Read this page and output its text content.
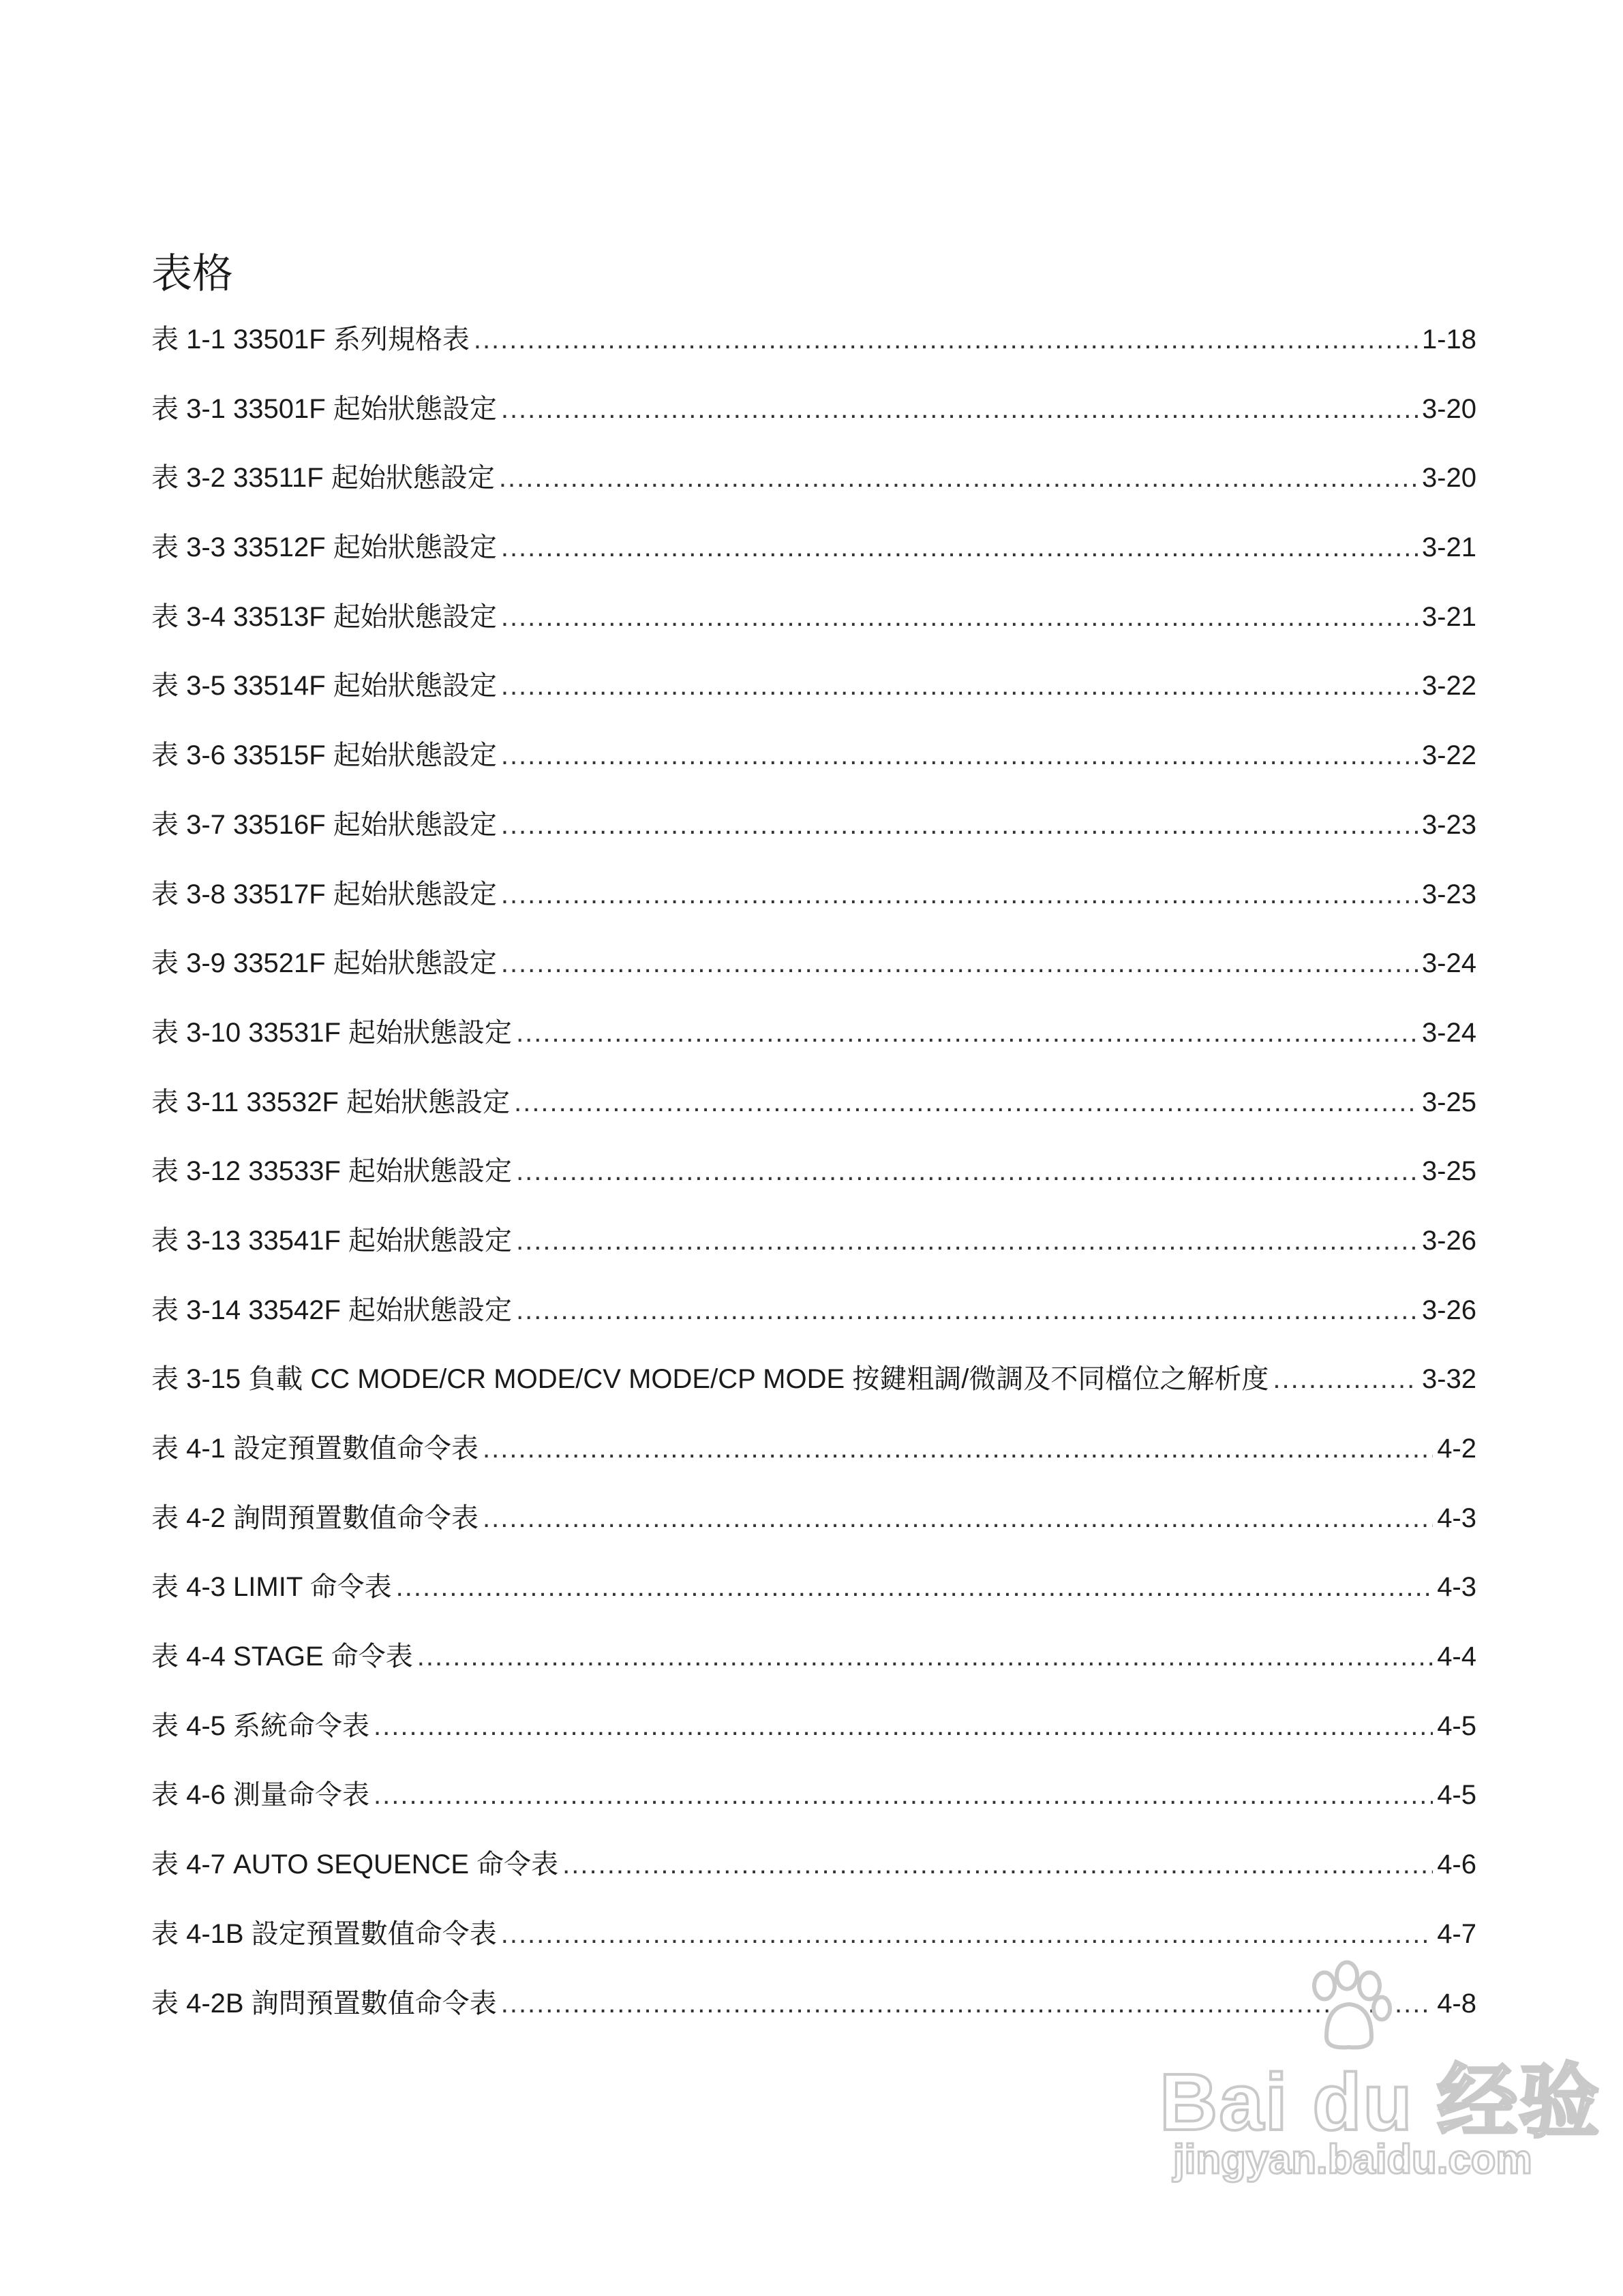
表格
表 1-1 33501F 系列規格表 .....	1-18
表 3-1 33501F 起始狀態設定 .....	3-20
表 3-2 33511F 起始狀態設定 .....	3-20
表 3-3 33512F 起始狀態設定 .....	3-21
表 3-4 33513F 起始狀態設定 .....	3-21
表 3-5 33514F 起始狀態設定 .....	3-22
表 3-6 33515F 起始狀態設定 .....	3-22
表 3-7 33516F 起始狀態設定 .....	3-23
表 3-8 33517F 起始狀態設定 .....	3-23
表 3-9 33521F 起始狀態設定 .....	3-24
表 3-10 33531F 起始狀態設定 .....	3-24
表 3-11 33532F 起始狀態設定 .....	3-25
表 3-12 33533F 起始狀態設定 .....	3-25
表 3-13 33541F 起始狀態設定 .....	3-26
表 3-14 33542F 起始狀態設定 .....	3-26
表 3-15 負載 CC MODE/CR MODE/CV MODE/CP MODE 按鍵粗調/微調及不同檔位之解析度 .....	3-32
表 4-1 設定預置數值命令表 .....	4-2
表 4-2 詢問預置數值命令表 .....	4-3
表 4-3 LIMIT 命令表 .....	4-3
表 4-4 STAGE 命令表 .....	4-4
表 4-5 系統命令表 .....	4-5
表 4-6 測量命令表 .....	4-5
表 4-7 AUTO SEQUENCE 命令表 .....	4-6
表 4-1B 設定預置數值命令表 .....	4-7
表 4-2B 詢問預置數值命令表 .....	4-8
Bai du 经验
jingyan.baidu.com
